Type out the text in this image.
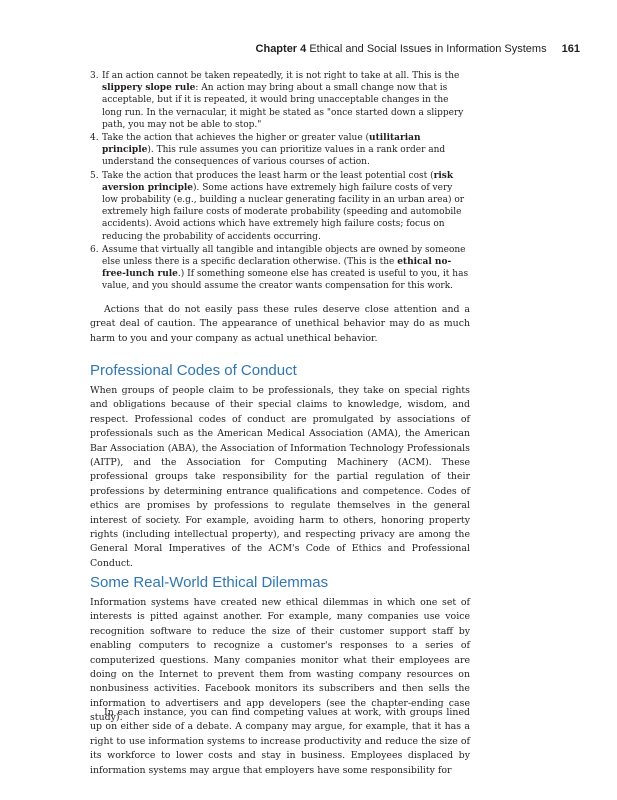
Chapter 4 Ethical and Social Issues in Information Systems 161
3. If an action cannot be taken repeatedly, it is not right to take at all. This is the slippery slope rule: An action may bring about a small change now that is acceptable, but if it is repeated, it would bring unacceptable changes in the long run. In the vernacular, it might be stated as "once started down a slippery path, you may not be able to stop."
4. Take the action that achieves the higher or greater value (utilitarian principle). This rule assumes you can prioritize values in a rank order and understand the consequences of various courses of action.
5. Take the action that produces the least harm or the least potential cost (risk aversion principle). Some actions have extremely high failure costs of very low probability (e.g., building a nuclear generating facility in an urban area) or extremely high failure costs of moderate probability (speeding and automobile accidents). Avoid actions which have extremely high failure costs; focus on reducing the probability of accidents occurring.
6. Assume that virtually all tangible and intangible objects are owned by someone else unless there is a specific declaration otherwise. (This is the ethical no-free-lunch rule.) If something someone else has created is useful to you, it has value, and you should assume the creator wants compensation for this work.

Actions that do not easily pass these rules deserve close attention and a great deal of caution. The appearance of unethical behavior may do as much harm to you and your company as actual unethical behavior.

Professional Codes of Conduct

When groups of people claim to be professionals, they take on special rights and obligations because of their special claims to knowledge, wisdom, and respect. Professional codes of conduct are promulgated by associations of professionals such as the American Medical Association (AMA), the American Bar Association (ABA), the Association of Information Technology Professionals (AITP), and the Association for Computing Machinery (ACM). These professional groups take responsibility for the partial regulation of their professions by determining entrance qualifications and competence. Codes of ethics are promises by professions to regulate themselves in the general interest of society. For example, avoiding harm to others, honoring property rights (including intellectual property), and respecting privacy are among the General Moral Imperatives of the ACM's Code of Ethics and Professional Conduct.

Some Real-World Ethical Dilemmas

Information systems have created new ethical dilemmas in which one set of interests is pitted against another. For example, many companies use voice recognition software to reduce the size of their customer support staff by enabling computers to recognize a customer's responses to a series of computerized questions. Many companies monitor what their employees are doing on the Internet to prevent them from wasting company resources on nonbusiness activities. Facebook monitors its subscribers and then sells the information to advertisers and app developers (see the chapter-ending case study).

In each instance, you can find competing values at work, with groups lined up on either side of a debate. A company may argue, for example, that it has a right to use information systems to increase productivity and reduce the size of its workforce to lower costs and stay in business. Employees displaced by information systems may argue that employers have some responsibility for
